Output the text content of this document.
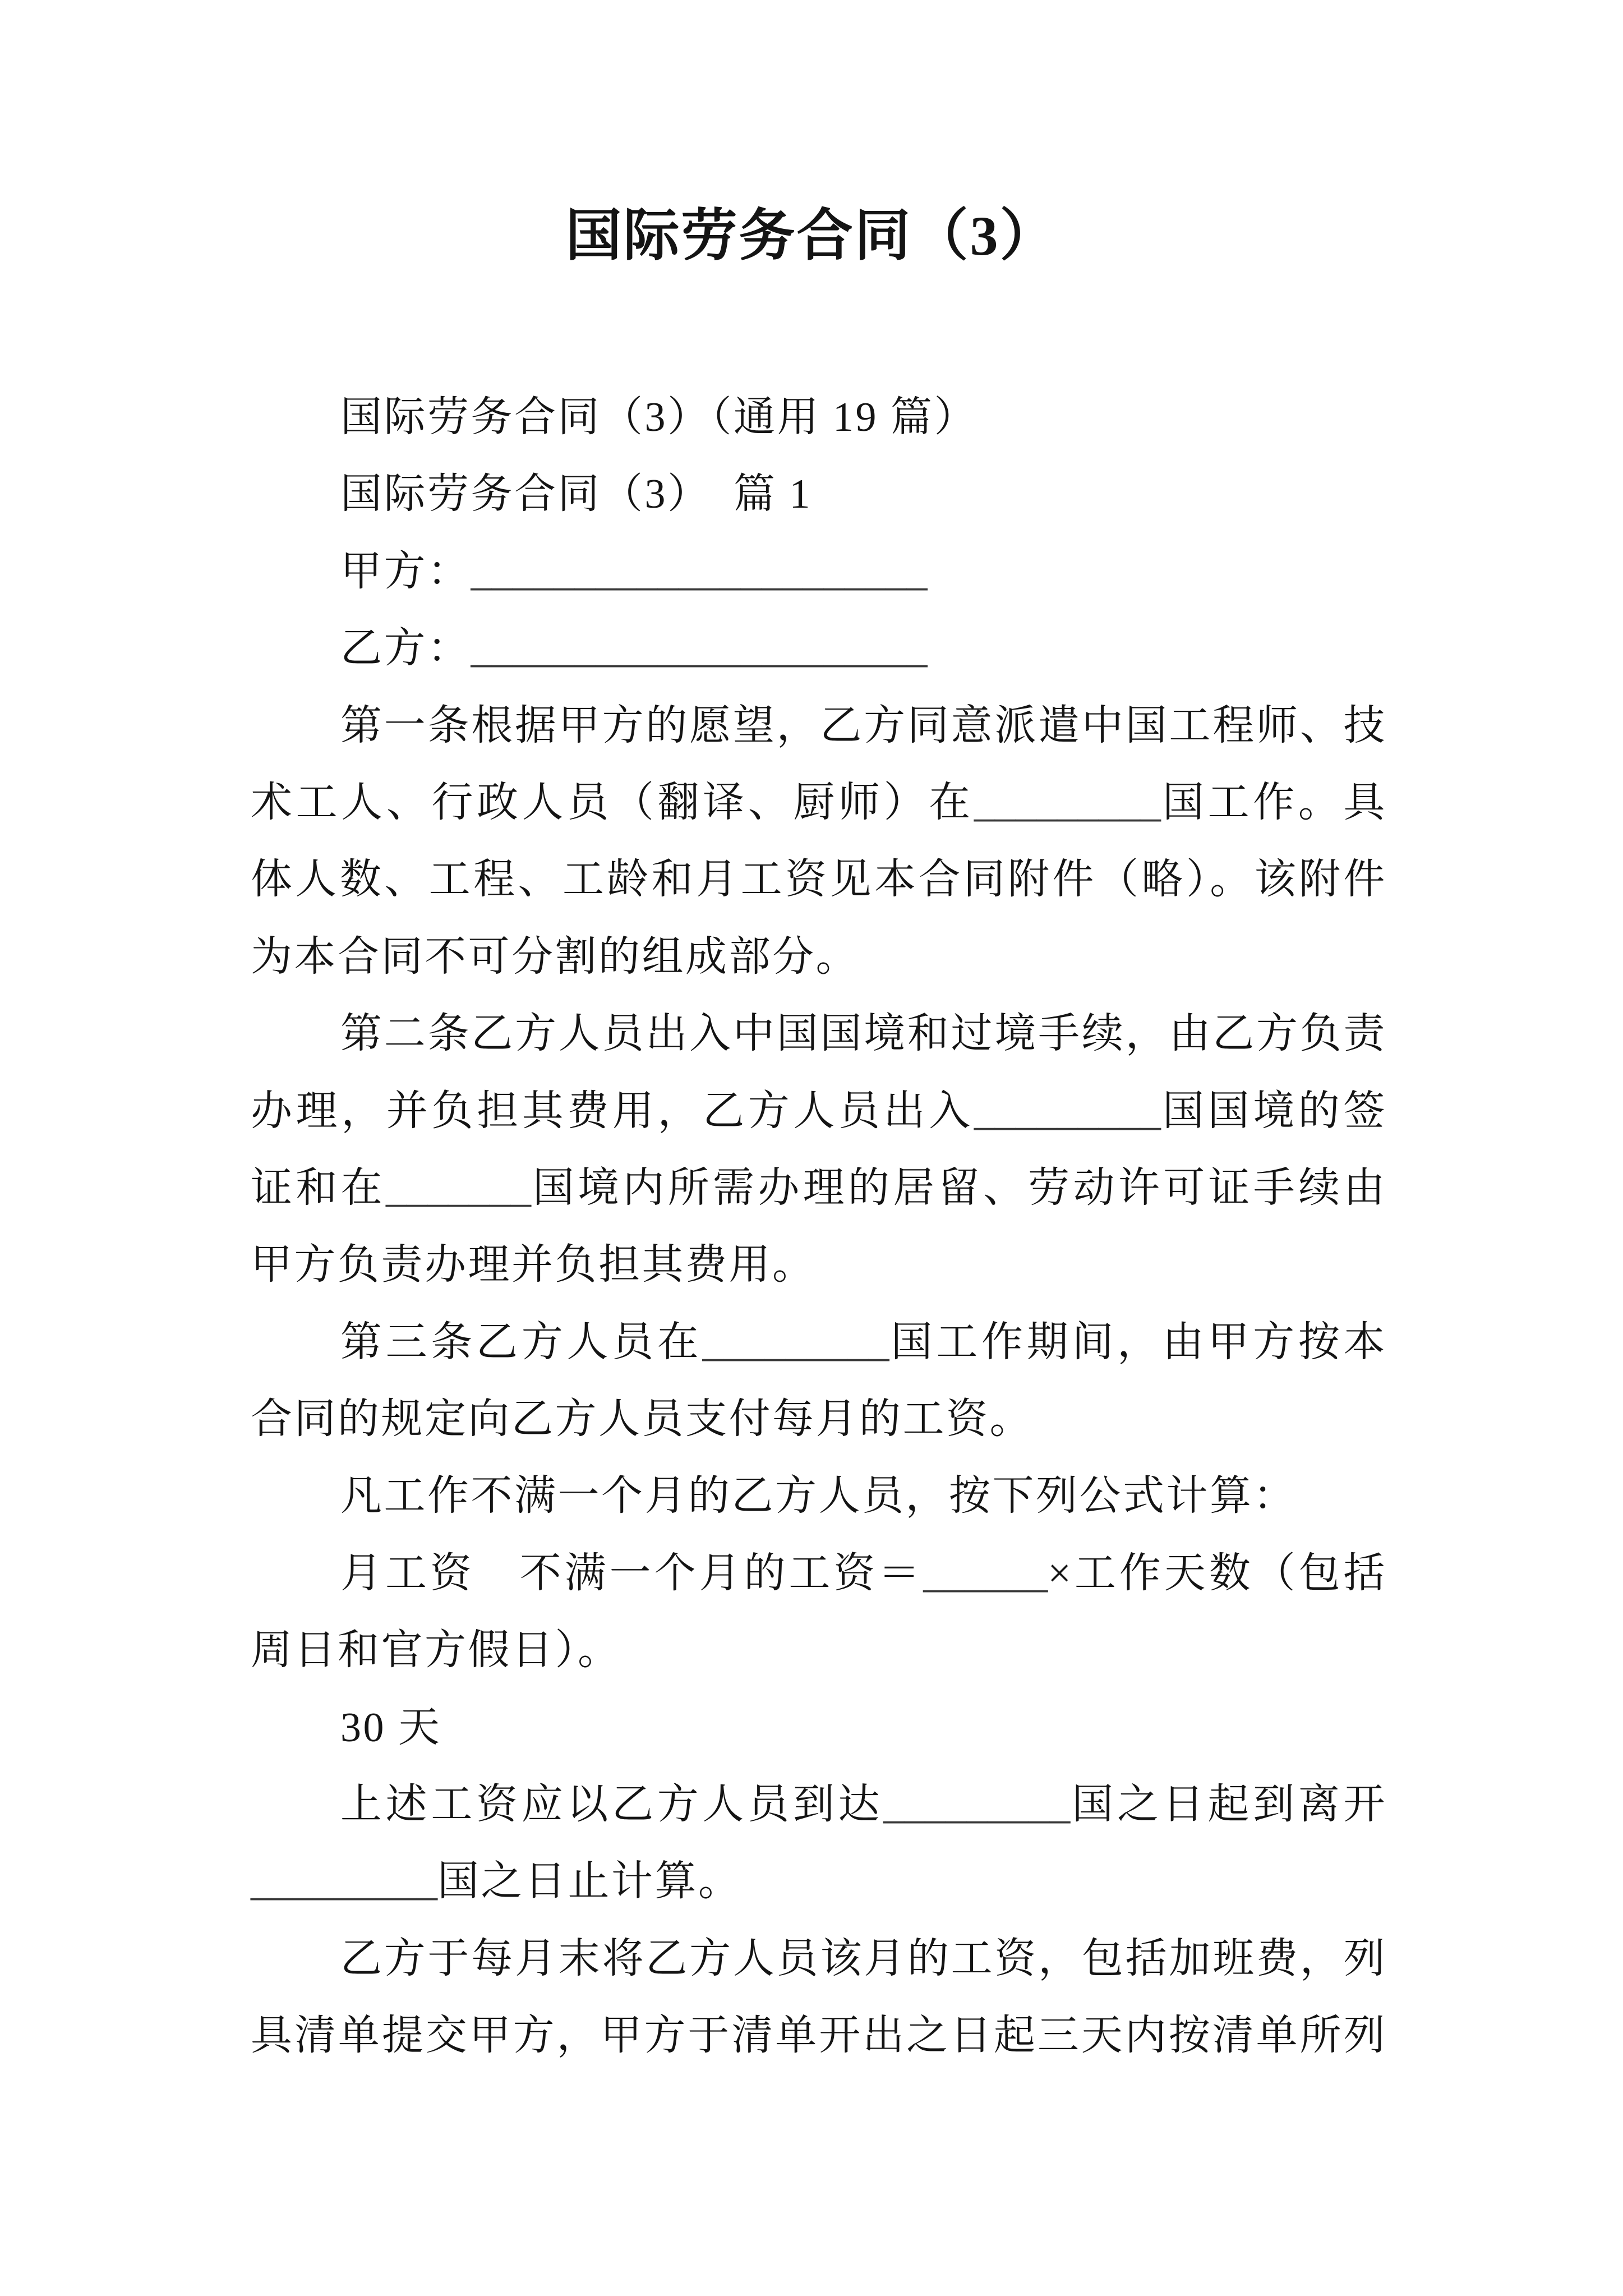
国际劳务合同（3）
国际劳务合同（3）（通用 19 篇）
国际劳务合同（3）　篇 1
甲方：______________________
乙方：______________________
第一条根据甲方的愿望，乙方同意派遣中国工程师、技
术工人、行政人员（翻译、厨师）在_________国工作。具
体人数、工程、工龄和月工资见本合同附件（略）。该附件
为本合同不可分割的组成部分。
第二条乙方人员出入中国国境和过境手续，由乙方负责
办理，并负担其费用，乙方人员出入_________国国境的签
证和在_______国境内所需办理的居留、劳动许可证手续由
甲方负责办理并负担其费用。
第三条乙方人员在_________国工作期间，由甲方按本
合同的规定向乙方人员支付每月的工资。
凡工作不满一个月的乙方人员，按下列公式计算：
月工资　不满一个月的工资＝______×工作天数（包括
周日和官方假日）。
30 天
上述工资应以乙方人员到达_________国之日起到离开
_________国之日止计算。
乙方于每月末将乙方人员该月的工资，包括加班费，列
具清单提交甲方，甲方于清单开出之日起三天内按清单所列
